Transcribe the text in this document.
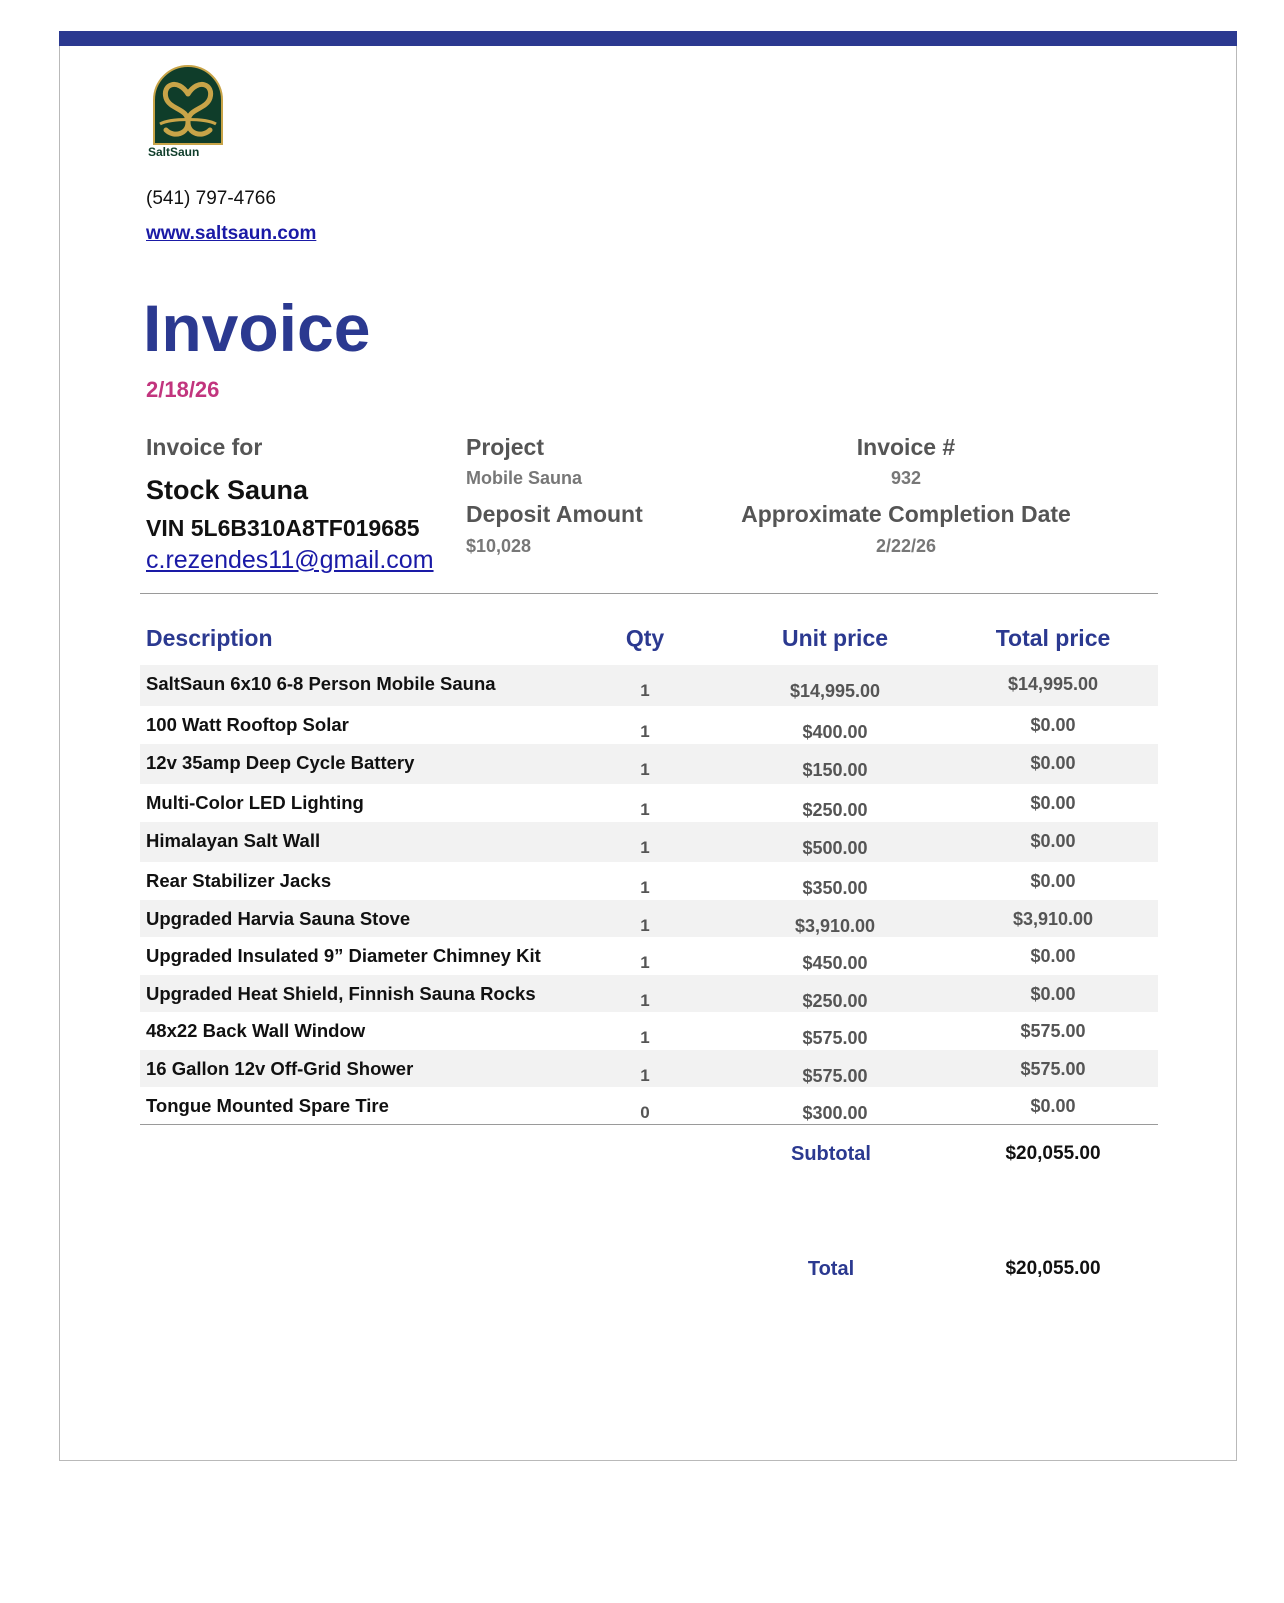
SaltSaun
(541) 797-4766
www.saltsaun.com
Invoice
2/18/26
Invoice for
Stock Sauna
VIN 5L6B310A8TF019685
c.rezendes11@gmail.com
Project
Mobile Sauna
Deposit Amount
$10,028
Invoice #
932
Approximate Completion Date
2/22/26
Description	Qty	Unit price	Total price
SaltSaun 6x10 6-8 Person Mobile Sauna	1	$14,995.00	$14,995.00
100 Watt Rooftop Solar	1	$400.00	$0.00
12v 35amp Deep Cycle Battery	1	$150.00	$0.00
Multi-Color LED Lighting	1	$250.00	$0.00
Himalayan Salt Wall	1	$500.00	$0.00
Rear Stabilizer Jacks	1	$350.00	$0.00
Upgraded Harvia Sauna Stove	1	$3,910.00	$3,910.00
Upgraded Insulated 9” Diameter Chimney Kit	1	$450.00	$0.00
Upgraded Heat Shield, Finnish Sauna Rocks	1	$250.00	$0.00
48x22 Back Wall Window	1	$575.00	$575.00
16 Gallon 12v Off-Grid Shower	1	$575.00	$575.00
Tongue Mounted Spare Tire	0	$300.00	$0.00
Subtotal	$20,055.00
Total	$20,055.00
